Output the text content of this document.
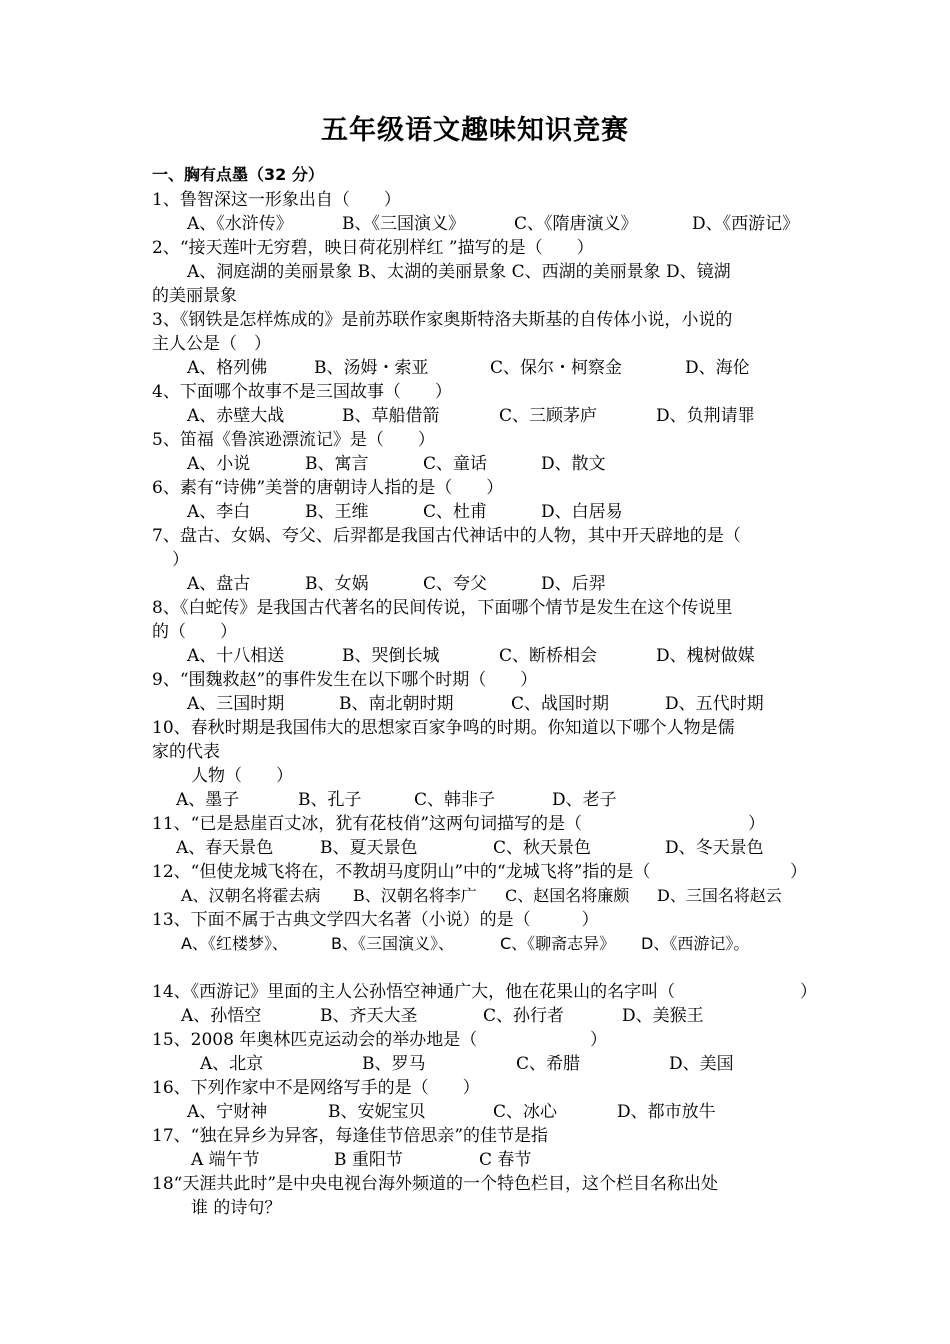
五年级语文趣味知识竞赛
一、胸有点墨（32 分）
1、鲁智深这一形象出自（　　）
A、《水浒传》	B、《三国演义》	C、《隋唐演义》	D、《西游记》
2、“接天莲叶无穷碧，映日荷花别样红 ”描写的是（　　）
A、洞庭湖的美丽景象 B、太湖的美丽景象 C、西湖的美丽景象 D、镜湖
的美丽景象
3、《钢铁是怎样炼成的》是前苏联作家奥斯特洛夫斯基的自传体小说，小说的
主人公是（　）
A、格列佛	B、汤姆・索亚	C、保尔・柯察金	D、海伦
4、下面哪个故事不是三国故事（　　）
A、赤壁大战	B、草船借箭	C、三顾茅庐	D、负荆请罪
5、笛福《鲁滨逊漂流记》是（　　）
A、小说	B、寓言	C、童话	D、散文
6、素有“诗佛”美誉的唐朝诗人指的是（　　）
A、李白	B、王维	C、杜甫	D、白居易
7、盘古、女娲、夸父、后羿都是我国古代神话中的人物，其中开天辟地的是（
）
A、盘古	B、女娲	C、夸父	D、后羿
8、《白蛇传》是我国古代著名的民间传说，下面哪个情节是发生在这个传说里
的（　　）
A、十八相送	B、哭倒长城	C、断桥相会	D、槐树做媒
9、“围魏救赵”的事件发生在以下哪个时期（　　）
A、三国时期	B、南北朝时期	C、战国时期	D、五代时期
10、春秋时期是我国伟大的思想家百家争鸣的时期。你知道以下哪个人物是儒
家的代表
人物（　　）
A、墨子	B、孔子	C、韩非子	D、老子
11、“已是悬崖百丈冰，犹有花枝俏”这两句词描写的是（	）
A、春天景色	B、夏天景色	C、秋天景色	D、冬天景色
12、“但使龙城飞将在，不教胡马度阴山”中的“龙城飞将”指的是（	）
A、汉朝名将霍去病 B、汉朝名将李广 C、赵国名将廉颇 D、三国名将赵云
13、下面不属于古典文学四大名著（小说）的是（　　　）
A、《红楼梦》、	B、《三国演义》、	C、《聊斋志异》 D、《西游记》。
14、《西游记》里面的主人公孙悟空神通广大，他在花果山的名字叫（	）
A、孙悟空	B、齐天大圣	C、孙行者	D、美猴王
15、2008 年奥林匹克运动会的举办地是（	）
A、北京	B、罗马	C、希腊	D、美国
16、下列作家中不是网络写手的是（　　）
A、宁财神	B、安妮宝贝	C、冰心	D、都市放牛
17、“独在异乡为异客，每逢佳节倍思亲”的佳节是指
A 端午节	B 重阳节	C 春节
18“天涯共此时”是中央电视台海外频道的一个特色栏目，这个栏目名称出处
谁 的诗句？
